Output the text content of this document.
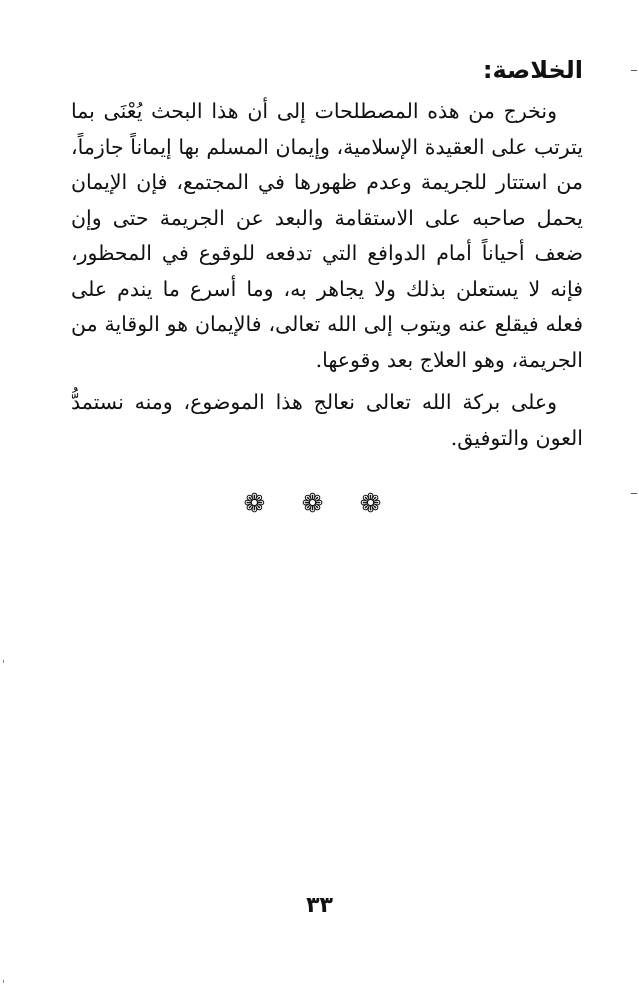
الخلاصة:

ونخرج من هذه المصطلحات إلى أن هذا البحث يُعْنَى بما يترتب على العقيدة الإسلامية، وإيمان المسلم بها إيماناً جازماً، من استتار للجريمة وعدم ظهورها في المجتمع، فإن الإيمان يحمل صاحبه على الاستقامة والبعد عن الجريمة حتى وإن ضعف أحياناً أمام الدوافع التي تدفعه للوقوع في المحظور، فإنه لا يستعلن بذلك ولا يجاهر به، وما أسرع ما يندم على فعله فيقلع عنه ويتوب إلى الله تعالى، فالإيمان هو الوقاية من الجريمة، وهو العلاج بعد وقوعها.

وعلى بركة الله تعالى نعالج هذا الموضوع، ومنه نستمدُّ العون والتوفيق.

❁ ❁ ❁
٣٣
